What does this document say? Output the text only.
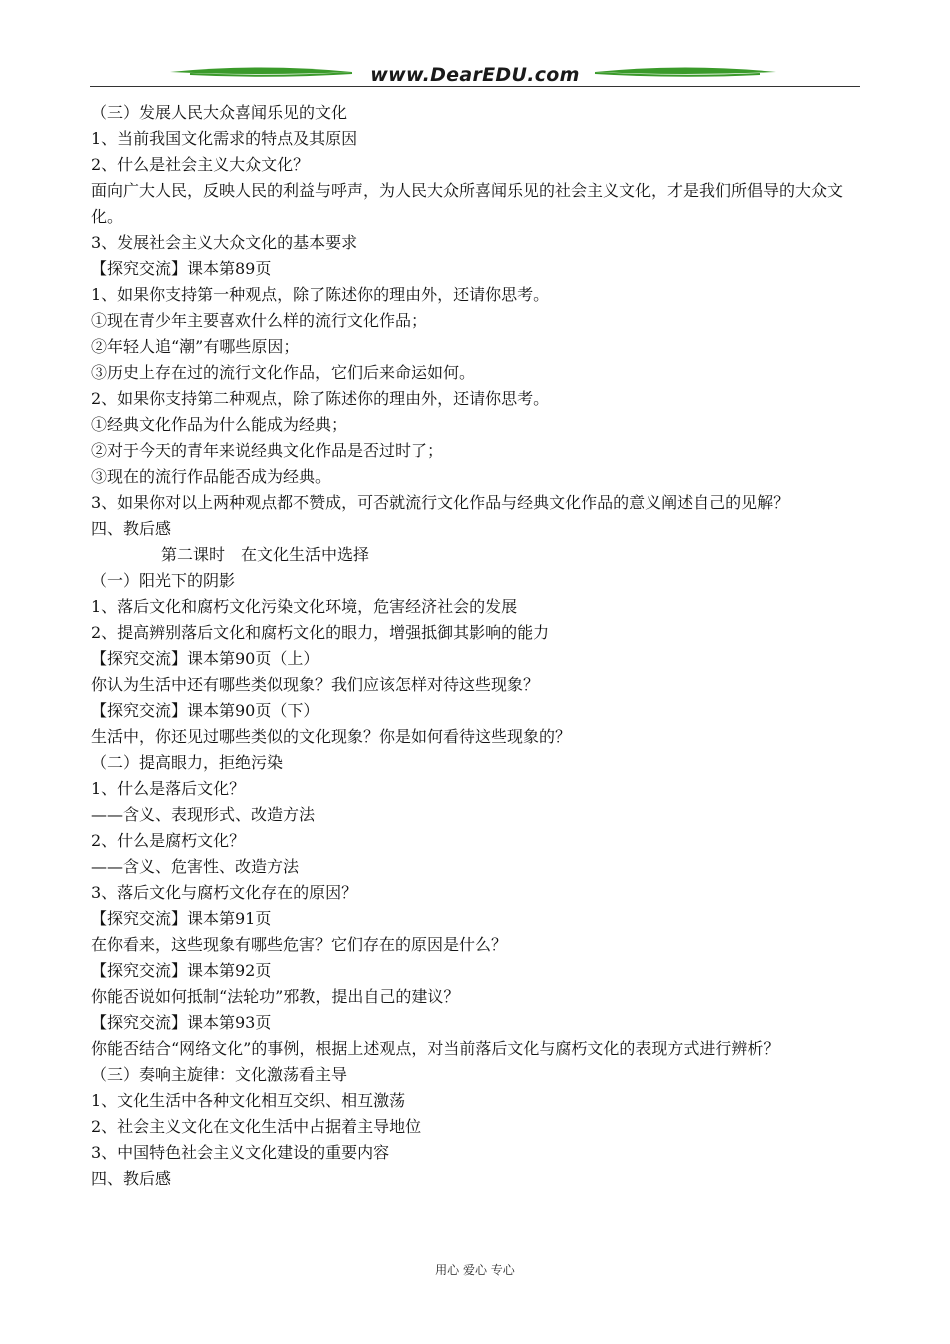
www.DearEDU.com
（三）发展人民大众喜闻乐见的文化
1、当前我国文化需求的特点及其原因
2、什么是社会主义大众文化？
面向广大人民，反映人民的利益与呼声，为人民大众所喜闻乐见的社会主义文化，才是我们所倡导的大众文化。
3、发展社会主义大众文化的基本要求
【探究交流】课本第89页
1、如果你支持第一种观点，除了陈述你的理由外，还请你思考。
①现在青少年主要喜欢什么样的流行文化作品；
②年轻人追“潮”有哪些原因；
③历史上存在过的流行文化作品，它们后来命运如何。
2、如果你支持第二种观点，除了陈述你的理由外，还请你思考。
①经典文化作品为什么能成为经典；
②对于今天的青年来说经典文化作品是否过时了；
③现在的流行作品能否成为经典。
3、如果你对以上两种观点都不赞成，可否就流行文化作品与经典文化作品的意义阐述自己的见解？
四、教后感
第二课时　在文化生活中选择
（一）阳光下的阴影
1、落后文化和腐朽文化污染文化环境，危害经济社会的发展
2、提高辨别落后文化和腐朽文化的眼力，增强抵御其影响的能力
【探究交流】课本第90页（上）
你认为生活中还有哪些类似现象？我们应该怎样对待这些现象？
【探究交流】课本第90页（下）
生活中，你还见过哪些类似的文化现象？你是如何看待这些现象的？
（二）提高眼力，拒绝污染
1、什么是落后文化？
——含义、表现形式、改造方法
2、什么是腐朽文化？
——含义、危害性、改造方法
3、落后文化与腐朽文化存在的原因？
【探究交流】课本第91页
在你看来，这些现象有哪些危害？它们存在的原因是什么？
【探究交流】课本第92页
你能否说如何抵制“法轮功”邪教，提出自己的建议？
【探究交流】课本第93页
你能否结合“网络文化”的事例，根据上述观点，对当前落后文化与腐朽文化的表现方式进行辨析？
（三）奏响主旋律：文化激荡看主导
1、文化生活中各种文化相互交织、相互激荡
2、社会主义文化在文化生活中占据着主导地位
3、中国特色社会主义文化建设的重要内容
四、教后感
用心 爱心 专心
